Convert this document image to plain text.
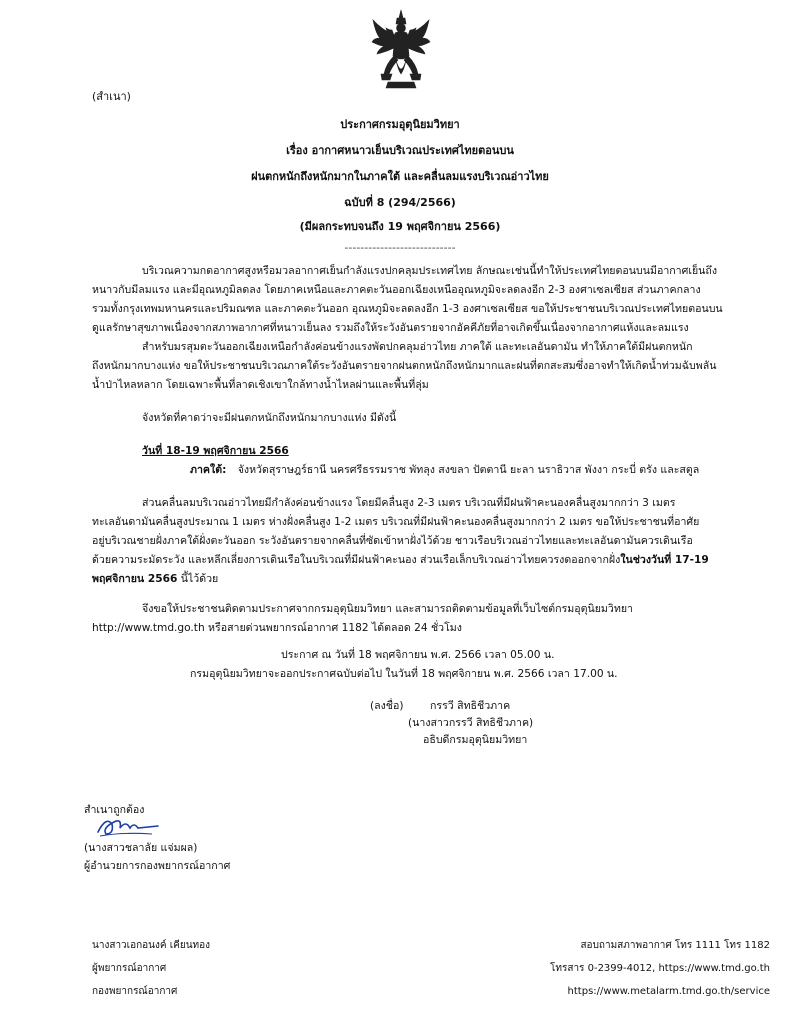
(สำเนา)
ประกาศกรมอุตุนิยมวิทยา
เรื่อง อากาศหนาวเย็นบริเวณประเทศไทยตอนบน
ฝนตกหนักถึงหนักมากในภาคใต้ และคลื่นลมแรงบริเวณอ่าวไทย
ฉบับที่ 8 (294/2566)
(มีผลกระทบจนถึง 19 พฤศจิกายน 2566)
----------------------------
บริเวณความกดอากาศสูงหรือมวลอากาศเย็นกำลังแรงปกคลุมประเทศไทย ลักษณะเช่นนี้ทำให้ประเทศไทยตอนบนมีอากาศเย็นถึง
หนาวกับมีลมแรง และมีอุณหภูมิลดลง โดยภาคเหนือและภาคตะวันออกเฉียงเหนืออุณหภูมิจะลดลงอีก 2-3 องศาเซลเซียส ส่วนภาคกลาง
รวมทั้งกรุงเทพมหานครและปริมณฑล และภาคตะวันออก อุณหภูมิจะลดลงอีก 1-3 องศาเซลเซียส ขอให้ประชาชนบริเวณประเทศไทยตอนบน
ดูแลรักษาสุขภาพเนื่องจากสภาพอากาศที่หนาวเย็นลง รวมถึงให้ระวังอันตรายจากอัคคีภัยที่อาจเกิดขึ้นเนื่องจากอากาศแห้งและลมแรง
สำหรับมรสุมตะวันออกเฉียงเหนือกำลังค่อนข้างแรงพัดปกคลุมอ่าวไทย ภาคใต้ และทะเลอันดามัน ทำให้ภาคใต้มีฝนตกหนัก
ถึงหนักมากบางแห่ง ขอให้ประชาชนบริเวณภาคใต้ระวังอันตรายจากฝนตกหนักถึงหนักมากและฝนที่ตกสะสมซึ่งอาจทำให้เกิดน้ำท่วมฉับพลัน
น้ำป่าไหลหลาก โดยเฉพาะพื้นที่ลาดเชิงเขาใกล้ทางน้ำไหลผ่านและพื้นที่ลุ่ม
จังหวัดที่คาดว่าจะมีฝนตกหนักถึงหนักมากบางแห่ง มีดังนี้
วันที่ 18-19 พฤศจิกายน 2566
ภาคใต้: จังหวัดสุราษฎร์ธานี นครศรีธรรมราช พัทลุง สงขลา ปัตตานี ยะลา นราธิวาส พังงา กระบี่ ตรัง และสตูล
ส่วนคลื่นลมบริเวณอ่าวไทยมีกำลังค่อนข้างแรง โดยมีคลื่นสูง 2-3 เมตร บริเวณที่มีฝนฟ้าคะนองคลื่นสูงมากกว่า 3 เมตร
ทะเลอันดามันคลื่นสูงประมาณ 1 เมตร ห่างฝั่งคลื่นสูง 1-2 เมตร บริเวณที่มีฝนฟ้าคะนองคลื่นสูงมากกว่า 2 เมตร ขอให้ประชาชนที่อาศัย
อยู่บริเวณชายฝั่งภาคใต้ฝั่งตะวันออก ระวังอันตรายจากคลื่นที่ซัดเข้าหาฝั่งไว้ด้วย ชาวเรือบริเวณอ่าวไทยและทะเลอันดามันควรเดินเรือ
ด้วยความระมัดระวัง และหลีกเลี่ยงการเดินเรือในบริเวณที่มีฝนฟ้าคะนอง ส่วนเรือเล็กบริเวณอ่าวไทยควรงดออกจากฝั่งในช่วงวันที่ 17-19
พฤศจิกายน 2566 นี้ไว้ด้วย
จึงขอให้ประชาชนติดตามประกาศจากกรมอุตุนิยมวิทยา และสามารถติดตามข้อมูลที่เว็บไซต์กรมอุตุนิยมวิทยา
http://www.tmd.go.th หรือสายด่วนพยากรณ์อากาศ 1182 ได้ตลอด 24 ชั่วโมง
ประกาศ ณ วันที่ 18 พฤศจิกายน พ.ศ. 2566 เวลา 05.00 น.
กรมอุตุนิยมวิทยาจะออกประกาศฉบับต่อไป ในวันที่ 18 พฤศจิกายน พ.ศ. 2566 เวลา 17.00 น.
(ลงชื่อ)	กรรวี สิทธิชีวภาค
(นางสาวกรรวี สิทธิชีวภาค)
อธิบดีกรมอุตุนิยมวิทยา
สำเนาถูกต้อง
(นางสาวชลาลัย แจ่มผล)
ผู้อำนวยการกองพยากรณ์อากาศ
นางสาวเอกอนงค์ เคียนทอง
ผู้พยากรณ์อากาศ
กองพยากรณ์อากาศ
สอบถามสภาพอากาศ โทร 1111 โทร 1182
โทรสาร 0-2399-4012, https://www.tmd.go.th
https://www.metalarm.tmd.go.th/service
